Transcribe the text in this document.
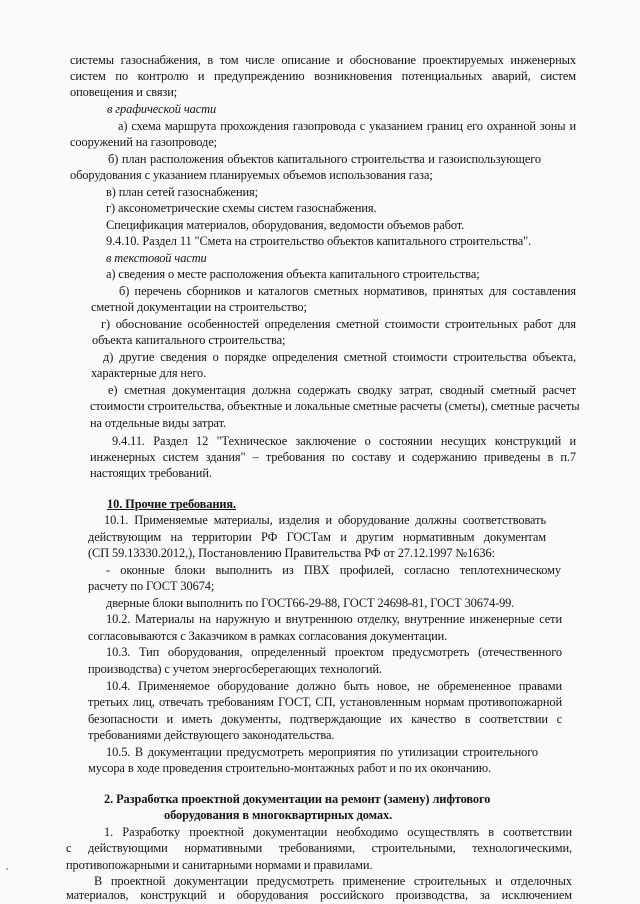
системы газоснабжения, в том числе описание и обоснование проектируемых инженерных
систем по контролю и предупреждению возникновения потенциальных аварий, систем
оповещения и связи;
в графической части
а) схема маршрута прохождения газопровода с указанием границ его охранной зоны и
сооружений на газопроводе;
б) план расположения объектов капитального строительства и газоиспользующего
оборудования с указанием планируемых объемов использования газа;
в) план сетей газоснабжения;
г) аксонометрические схемы систем газоснабжения.
Спецификация материалов, оборудования, ведомости объемов работ.
9.4.10. Раздел 11 "Смета на строительство объектов капитального строительства".
в текстовой части
а) сведения о месте расположения объекта капитального строительства;
б) перечень сборников и каталогов сметных нормативов, принятых для составления
сметной документации на строительство;
г) обоснование особенностей определения сметной стоимости строительных работ для
объекта капитального строительства;
д) другие сведения о порядке определения сметной стоимости строительства объекта,
характерные для него.
е) сметная документация должна содержать сводку затрат, сводный сметный расчет
стоимости строительства, объектные и локальные сметные расчеты (сметы), сметные расчеты
на отдельные виды затрат.
9.4.11. Раздел 12 "Техническое заключение о состоянии несущих конструкций и
инженерных систем здания" – требования по составу и содержанию приведены в п.7
настоящих требований.
10. Прочие требования.
10.1. Применяемые материалы, изделия и оборудование должны соответствовать
действующим на территории РФ ГОСТам и другим нормативным документам
(СП 59.13330.2012,), Постановлению Правительства РФ от 27.12.1997 №1636:
- оконные блоки выполнить из ПВХ профилей, согласно теплотехническому
расчету по ГОСТ 30674;
дверные блоки выполнить по ГОСТ66-29-88, ГОСТ 24698-81, ГОСТ 30674-99.
10.2. Материалы на наружную и внутреннюю отделку, внутренние инженерные сети
согласовываются с Заказчиком в рамках согласования документации.
10.3. Тип оборудования, определенный проектом предусмотреть (отечественного
производства) с учетом энергосберегающих технологий.
10.4. Применяемое оборудование должно быть новое, не обремененное правами
третьих лиц, отвечать требованиям ГОСТ, СП, установленным нормам противопожарной
безопасности и иметь документы, подтверждающие их качество в соответствии с
требованиями действующего законодательства.
10.5. В документации предусмотреть мероприятия по утилизации строительного
мусора в ходе проведения строительно-монтажных работ и по их окончанию.
2. Разработка проектной документации на ремонт (замену) лифтового
оборудования в многоквартирных домах.
1. Разработку проектной документации необходимо осуществлять в соответствии
с действующими нормативными требованиями, строительными, технологическими,
противопожарными и санитарными нормами и правилами.
В проектной документации предусмотреть применение строительных и отделочных
материалов, конструкций и оборудования российского производства, за исключением
